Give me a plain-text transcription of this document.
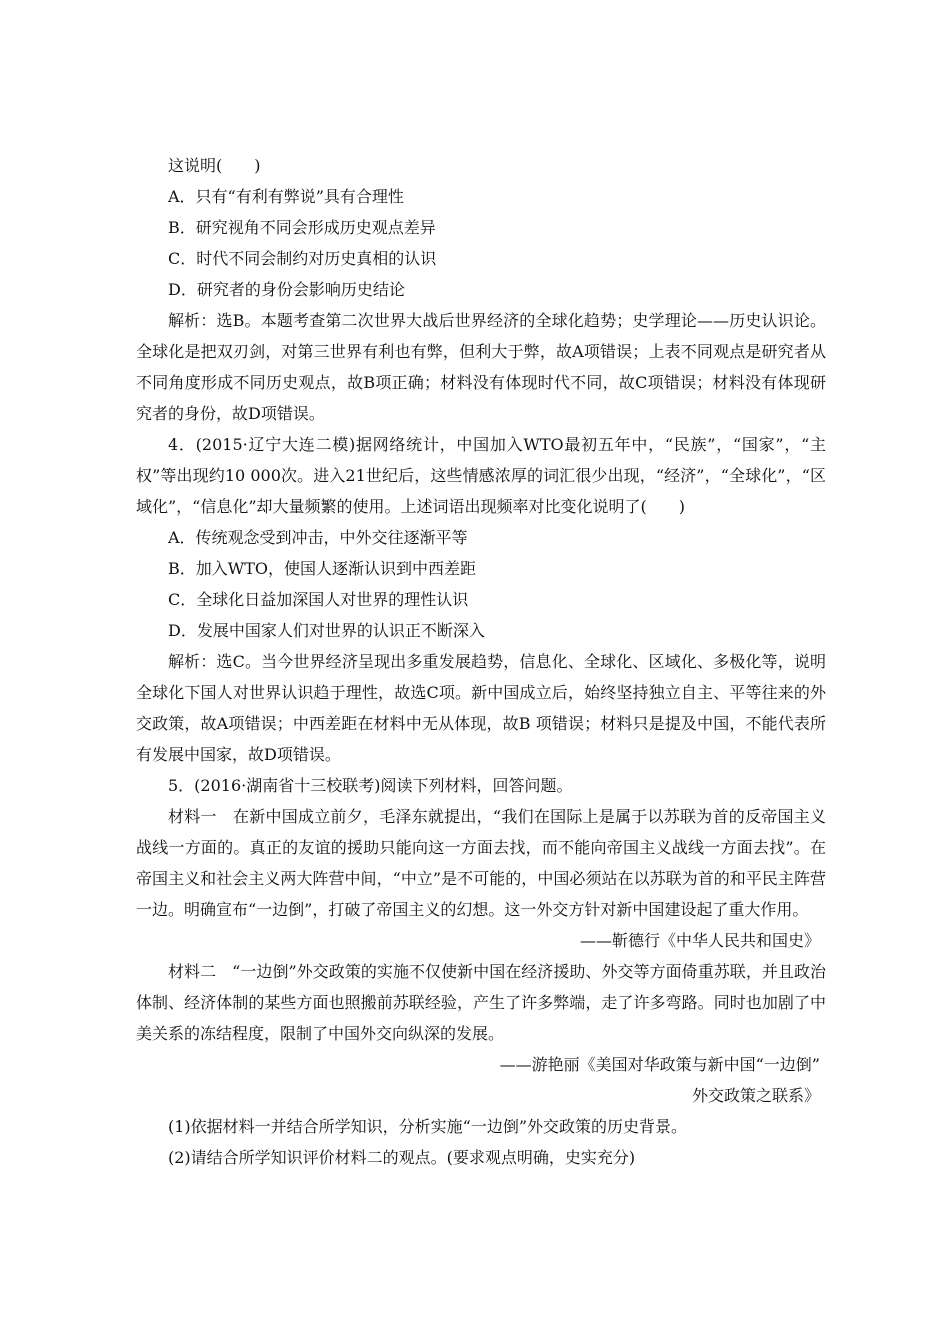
这说明(　　)

A．只有“有利有弊说”具有合理性

B．研究视角不同会形成历史观点差异

C．时代不同会制约对历史真相的认识

D．研究者的身份会影响历史结论

解析：选B。本题考查第二次世界大战后世界经济的全球化趋势；史学理论——历史认识论。全球化是把双刃剑，对第三世界有利也有弊，但利大于弊，故A项错误；上表不同观点是研究者从不同角度形成不同历史观点，故B项正确；材料没有体现时代不同，故C项错误；材料没有体现研究者的身份，故D项错误。

4．(2015·辽宁大连二模)据网络统计，中国加入WTO最初五年中，“民族”，“国家”，“主权”等出现约10 000次。进入21世纪后，这些情感浓厚的词汇很少出现，“经济”，“全球化”，“区域化”，“信息化”却大量频繁的使用。上述词语出现频率对比变化说明了(　　)

A．传统观念受到冲击，中外交往逐渐平等

B．加入WTO，使国人逐渐认识到中西差距

C．全球化日益加深国人对世界的理性认识

D．发展中国家人们对世界的认识正不断深入

解析：选C。当今世界经济呈现出多重发展趋势，信息化、全球化、区域化、多极化等，说明全球化下国人对世界认识趋于理性，故选C项。新中国成立后，始终坚持独立自主、平等往来的外交政策，故A项错误；中西差距在材料中无从体现，故B 项错误；材料只是提及中国，不能代表所有发展中国家，故D项错误。

5．(2016·湖南省十三校联考)阅读下列材料，回答问题。

材料一　在新中国成立前夕，毛泽东就提出，“我们在国际上是属于以苏联为首的反帝国主义战线一方面的。真正的友谊的援助只能向这一方面去找，而不能向帝国主义战线一方面去找”。在帝国主义和社会主义两大阵营中间，“中立”是不可能的，中国必须站在以苏联为首的和平民主阵营一边。明确宣布“一边倒”，打破了帝国主义的幻想。这一外交方针对新中国建设起了重大作用。

——靳德行《中华人民共和国史》

材料二　“一边倒”外交政策的实施不仅使新中国在经济援助、外交等方面倚重苏联，并且政治体制、经济体制的某些方面也照搬前苏联经验，产生了许多弊端，走了许多弯路。同时也加剧了中美关系的冻结程度，限制了中国外交向纵深的发展。

——游艳丽《美国对华政策与新中国“一边倒”

外交政策之联系》

(1)依据材料一并结合所学知识，分析实施“一边倒”外交政策的历史背景。

(2)请结合所学知识评价材料二的观点。(要求观点明确，史实充分)
